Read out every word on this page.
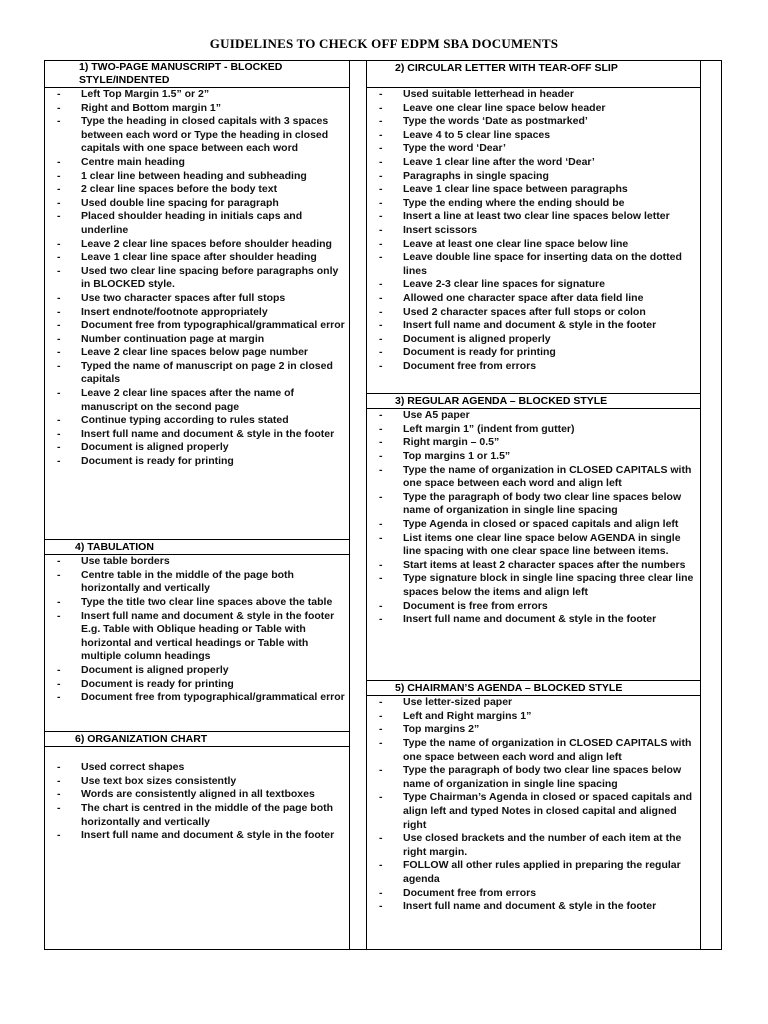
GUIDELINES TO CHECK OFF EDPM SBA DOCUMENTS
1) TWO-PAGE MANUSCRIPT - BLOCKED STYLE/INDENTED
- Left Top Margin 1.5” or 2”
- Right and Bottom margin 1”
- Type the heading in closed capitals with 3 spaces between each word or Type the heading in closed capitals with one space between each word
- Centre main heading
- 1 clear line between heading and subheading
- 2 clear line spaces before the body text
- Used double line spacing for paragraph
- Placed shoulder heading in initials caps and underline
- Leave 2 clear line spaces before shoulder heading
- Leave 1 clear line space after shoulder heading
- Used two clear line spacing before paragraphs only in BLOCKED style.
- Use two character spaces after full stops
- Insert endnote/footnote appropriately
- Document free from typographical/grammatical error
- Number continuation page at margin
- Leave 2 clear line spaces below page number
- Typed the name of manuscript on page 2 in closed capitals
- Leave 2 clear line spaces after the name of manuscript on the second page
- Continue typing according to rules stated
- Insert full name and document & style in the footer
- Document is aligned properly
- Document is ready for printing
4) TABULATION
- Use table borders
- Centre table in the middle of the page both horizontally and vertically
- Type the title two clear line spaces above the table
- Insert full name and document & style in the footer E.g. Table with Oblique heading or Table with horizontal and vertical headings or Table with multiple column headings
- Document is aligned properly
- Document is ready for printing
- Document free from typographical/grammatical error
6) ORGANIZATION CHART
- Used correct shapes
- Use text box sizes consistently
- Words are consistently aligned in all textboxes
- The chart is centred in the middle of the page both horizontally and vertically
- Insert full name and document & style in the footer
2) CIRCULAR LETTER WITH TEAR-OFF SLIP
- Used suitable letterhead in header
- Leave one clear line space below header
- Type the words ‘Date as postmarked’
- Leave 4 to 5 clear line spaces
- Type the word ‘Dear’
- Leave 1 clear line after the word ‘Dear’
- Paragraphs in single spacing
- Leave 1 clear line space between paragraphs
- Type the ending where the ending should be
- Insert a line at least two clear line spaces below letter
- Insert scissors
- Leave at least one clear line space below line
- Leave double line space for inserting data on the dotted lines
- Leave 2-3 clear line spaces for signature
- Allowed one character space after data field line
- Used 2 character spaces after full stops or colon
- Insert full name and document & style in the footer
- Document is aligned properly
- Document is ready for printing
- Document free from errors
3) REGULAR AGENDA – BLOCKED STYLE
- Use A5 paper
- Left margin 1” (indent from gutter)
- Right margin – 0.5”
- Top margins 1 or 1.5”
- Type the name of organization in CLOSED CAPITALS with one space between each word and align left
- Type the paragraph of body two clear line spaces below name of organization in single line spacing
- Type Agenda in closed or spaced capitals and align left
- List items one clear line space below AGENDA in single line spacing with one clear space line between items.
- Start items at least 2 character spaces after the numbers
- Type signature block in single line spacing three clear line spaces below the items and align left
- Document is free from errors
- Insert full name and document & style in the footer
5) CHAIRMAN’S AGENDA – BLOCKED STYLE
- Use letter-sized paper
- Left and Right margins 1”
- Top margins 2”
- Type the name of organization in CLOSED CAPITALS with one space between each word and align left
- Type the paragraph of body two clear line spaces below name of organization in single line spacing
- Type Chairman’s Agenda in closed or spaced capitals and align left and typed Notes in closed capital and aligned right
- Use closed brackets and the number of each item at the right margin.
- FOLLOW all other rules applied in preparing the regular agenda
- Document free from errors
- Insert full name and document & style in the footer
